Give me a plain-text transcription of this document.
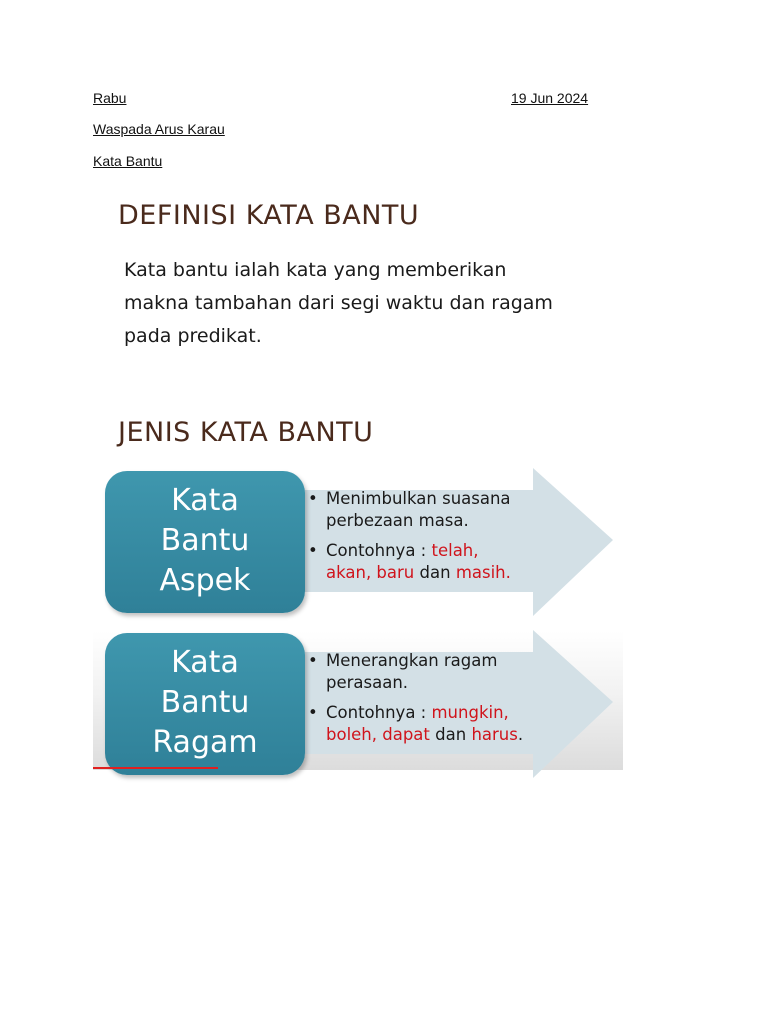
Rabu	19 Jun 2024
Waspada Arus Karau
Kata Bantu
DEFINISI KATA BANTU
Kata bantu ialah kata yang memberikan
makna tambahan dari segi waktu dan ragam
pada predikat.
JENIS KATA BANTU
Kata
Bantu
Aspek
• Menimbulkan suasana
perbezaan masa.
• Contohnya : telah,
akan, baru dan masih.
Kata
Bantu
Ragam
• Menerangkan ragam
perasaan.
• Contohnya : mungkin,
boleh, dapat dan harus.
